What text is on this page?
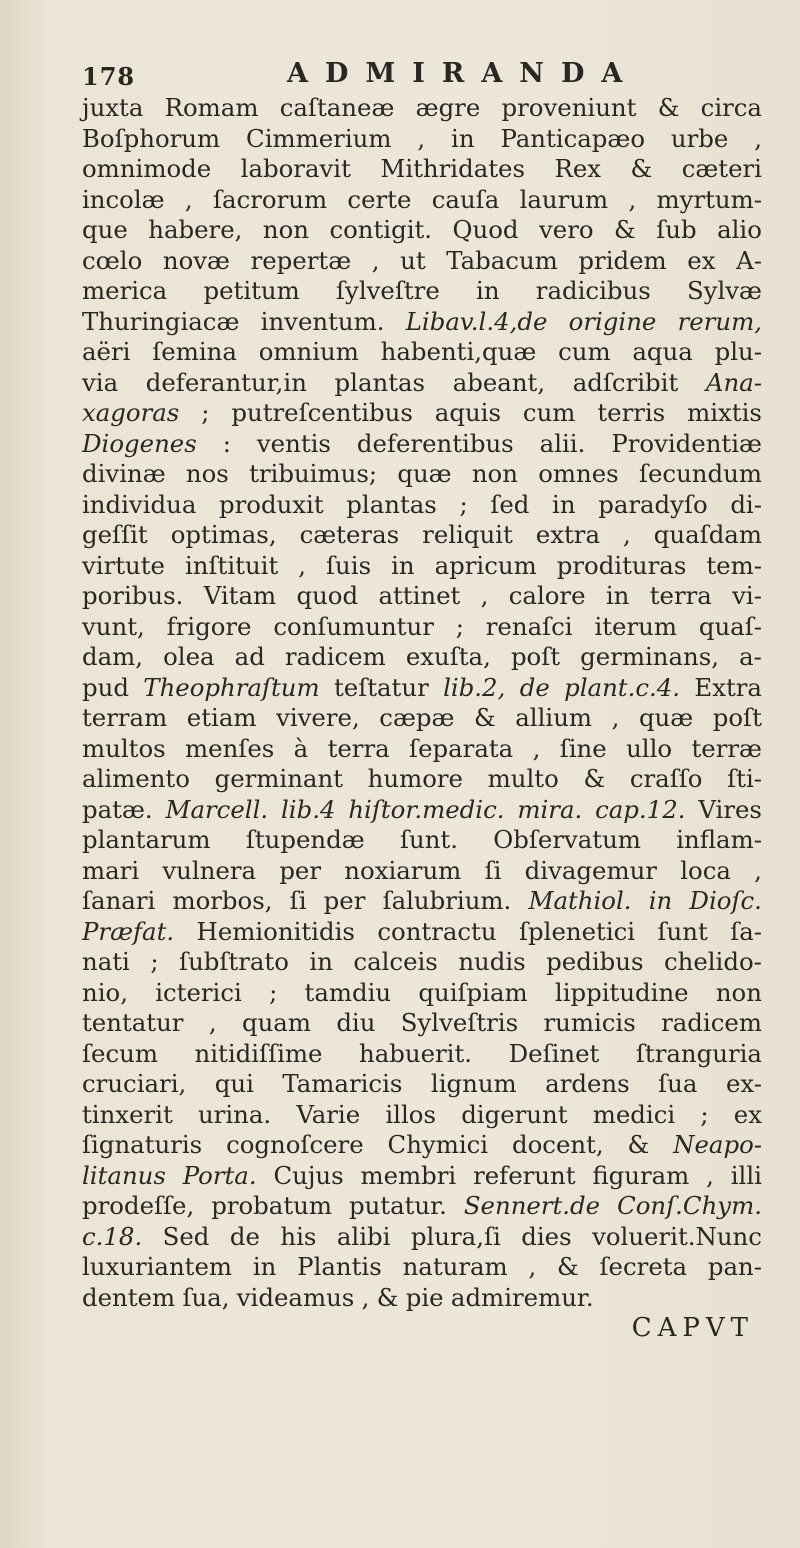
178	ADMIRANDA
juxta Romam caſtaneæ ægre proveniunt & circa
Boſphorum Cimmerium , in Panticapæo urbe ,
omnimode laboravit Mithridates Rex & cæteri
incolæ , ſacrorum certe cauſa laurum , myrtum-
que habere, non contigit. Quod vero & ſub alio
cœlo novæ repertæ , ut Tabacum pridem ex A-
merica petitum ſylveſtre in radicibus Sylvæ
Thuringiacæ inventum. Libav.l.4,de origine rerum,
aëri ſemina omnium habenti,quæ cum aqua plu-
via deferantur,in plantas abeant, adſcribit Ana-
xagoras ; putreſcentibus aquis cum terris mixtis
Diogenes : ventis deferentibus alii. Providentiæ
divinæ nos tribuimus; quæ non omnes ſecundum
individua produxit plantas ; ſed in paradyſo di-
geſſit optimas, cæteras reliquit extra , quaſdam
virtute inſtituit , ſuis in apricum prodituras tem-
poribus. Vitam quod attinet , calore in terra vi-
vunt, frigore conſumuntur ; renaſci iterum quaſ-
dam, olea ad radicem exuſta, poſt germinans, a-
pud Theophraſtum teſtatur lib.2, de plant.c.4. Extra
terram etiam vivere, cæpæ & allium , quæ poſt
multos menſes à terra ſeparata , ſine ullo terræ
alimento germinant humore multo & craſſo ſti-
patæ. Marcell. lib.4 hiſtor.medic. mira. cap.12. Vires
plantarum ſtupendæ ſunt. Obſervatum inflam-
mari vulnera per noxiarum ſi divagemur loca ,
ſanari morbos, ſi per ſalubrium. Mathiol. in Dioſc.
Præfat. Hemionitidis contractu ſplenetici ſunt ſa-
nati ; ſubſtrato in calceis nudis pedibus chelido-
nio, icterici ; tamdiu quiſpiam lippitudine non
tentatur , quam diu Sylveſtris rumicis radicem
ſecum nitidiſſime habuerit. Deſinet ſtranguria
cruciari, qui Tamaricis lignum ardens ſua ex-
tinxerit urina. Varie illos digerunt medici ; ex
ſignaturis cognoſcere Chymici docent, & Neapo-
litanus Porta. Cujus membri referunt figuram , illi
prodeſſe, probatum putatur. Sennert.de Conſ.Chym.
c.18. Sed de his alibi plura,ſi dies voluerit.Nunc
luxuriantem in Plantis naturam , & ſecreta pan-
dentem ſua, videamus , & pie admiremur.
CAPVT
